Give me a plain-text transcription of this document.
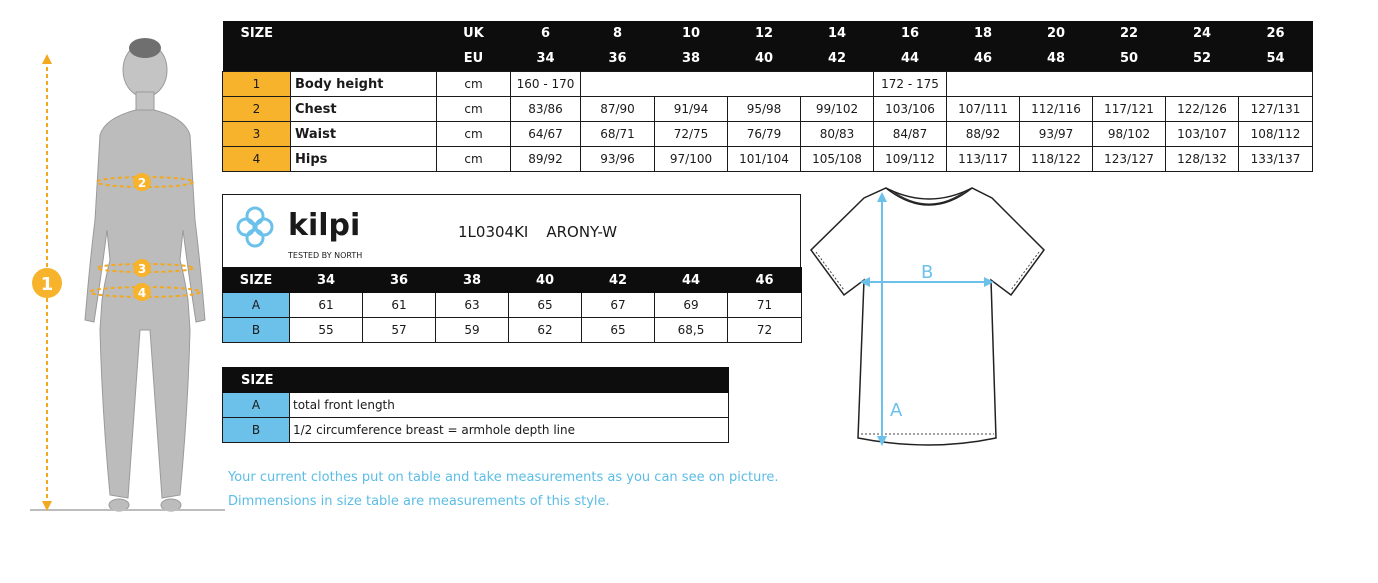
1
2
3
4
SIZE			UK	6	8	10	12	14	16	18	20	22	24	26
			EU	34	36	38	40	42	44	46	48	50	52	54
1	Body height		cm	160 - 170					172 - 175					
2	Chest		cm	83/86	87/90	91/94	95/98	99/102	103/106	107/111	112/116	117/121	122/126	127/131
3	Waist		cm	64/67	68/71	72/75	76/79	80/83	84/87	88/92	93/97	98/102	103/107	108/112
4	Hips		cm	89/92	93/96	97/100	101/104	105/108	109/112	113/117	118/122	123/127	128/132	133/137
kilpi
TESTED BY NORTH
1L0304KI ARONY-W
SIZE	34	36	38	40	42	44	46
A	61	61	63	65	67	69	71
B	55	57	59	62	65	68,5	72
SIZE	
A	total front length
B	1/2 circumference breast = armhole depth line
A
B
Your current clothes put on table and take measurements as you can see on picture.
Dimmensions in size table are measurements of this style.
